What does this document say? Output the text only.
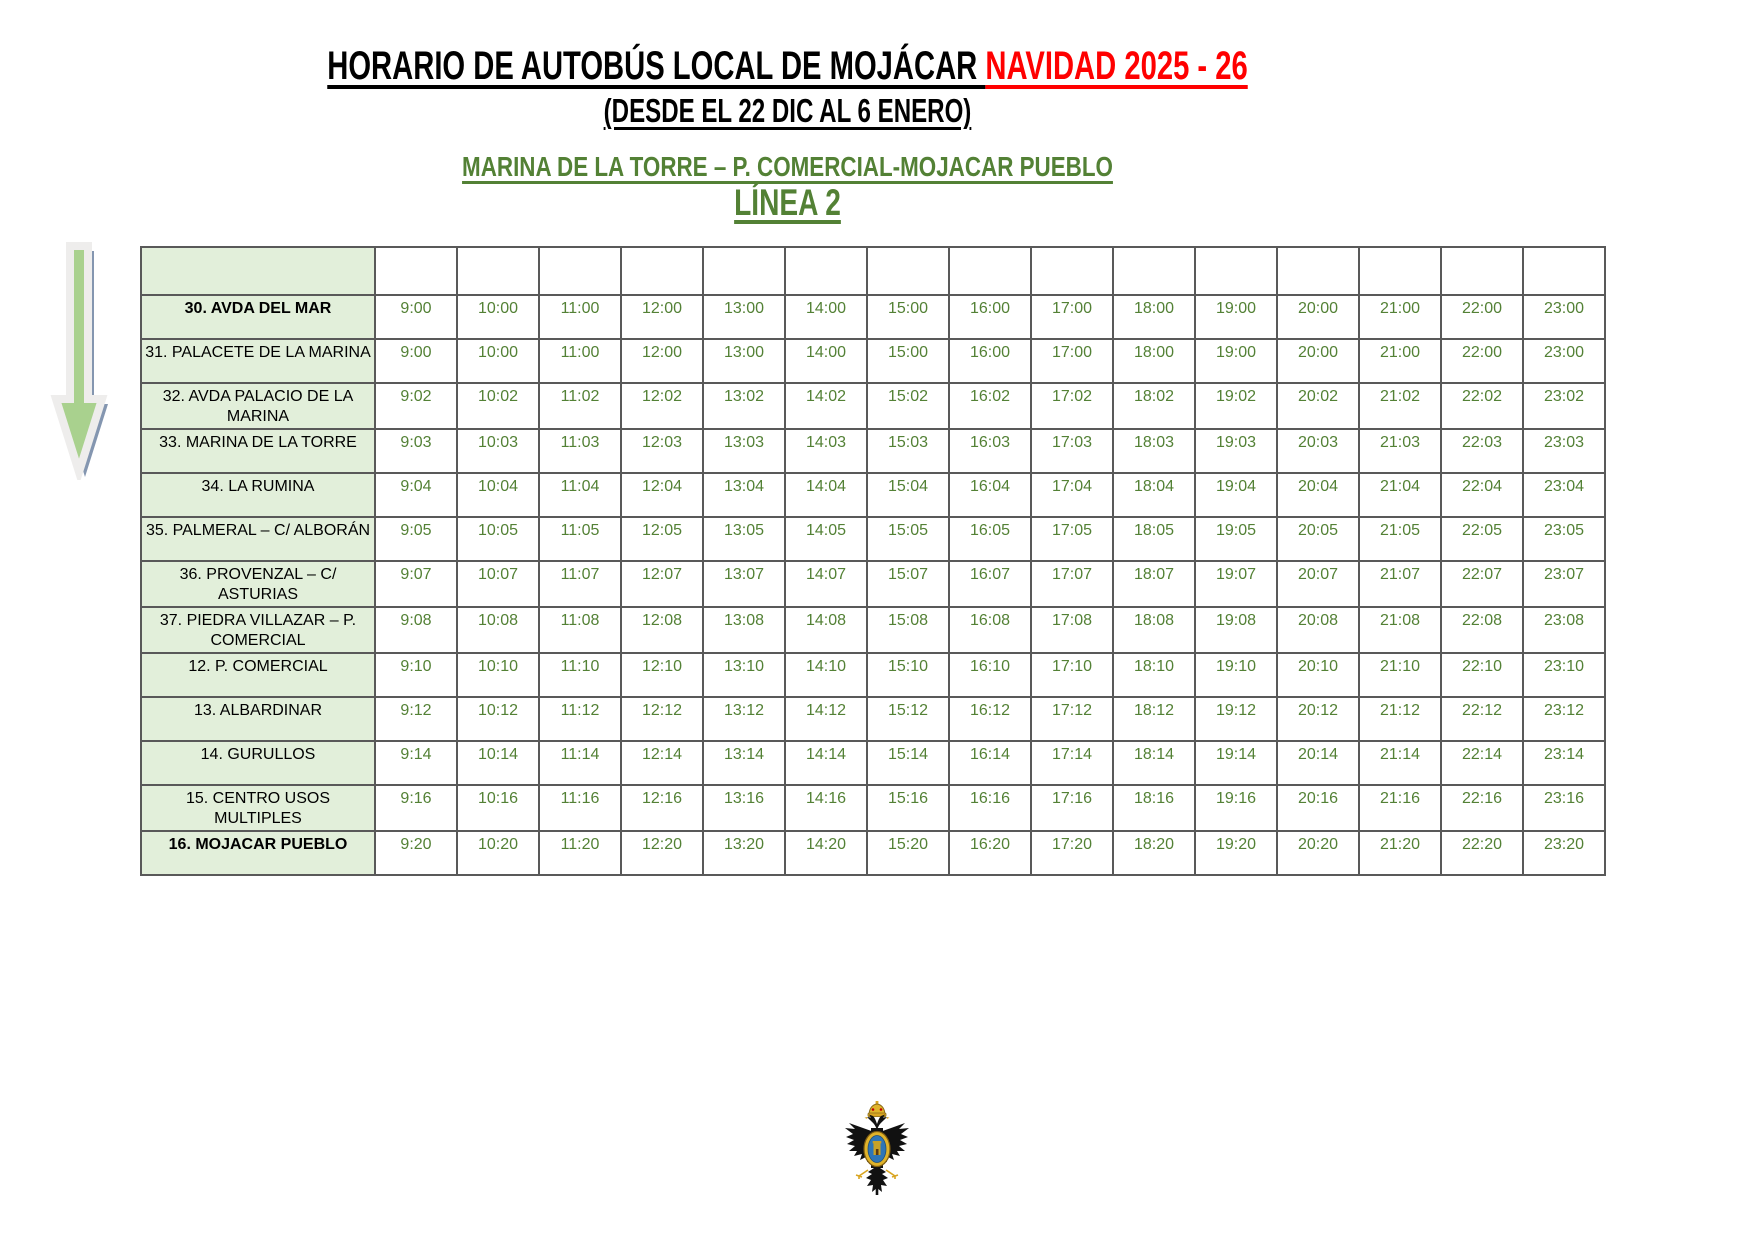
HORARIO DE AUTOBÚS LOCAL DE MOJÁCAR NAVIDAD 2025 - 26
(DESDE EL 22 DIC AL 6 ENERO)
MARINA DE LA TORRE – P. COMERCIAL-MOJACAR PUEBLO
LÍNEA 2

30. AVDA DEL MAR	9:00	10:00	11:00	12:00	13:00	14:00	15:00	16:00	17:00	18:00	19:00	20:00	21:00	22:00	23:00
31. PALACETE DE LA MARINA	9:00	10:00	11:00	12:00	13:00	14:00	15:00	16:00	17:00	18:00	19:00	20:00	21:00	22:00	23:00
32. AVDA PALACIO DE LA MARINA	9:02	10:02	11:02	12:02	13:02	14:02	15:02	16:02	17:02	18:02	19:02	20:02	21:02	22:02	23:02
33. MARINA DE LA TORRE	9:03	10:03	11:03	12:03	13:03	14:03	15:03	16:03	17:03	18:03	19:03	20:03	21:03	22:03	23:03
34. LA RUMINA	9:04	10:04	11:04	12:04	13:04	14:04	15:04	16:04	17:04	18:04	19:04	20:04	21:04	22:04	23:04
35. PALMERAL – C/ ALBORÁN	9:05	10:05	11:05	12:05	13:05	14:05	15:05	16:05	17:05	18:05	19:05	20:05	21:05	22:05	23:05
36. PROVENZAL – C/ ASTURIAS	9:07	10:07	11:07	12:07	13:07	14:07	15:07	16:07	17:07	18:07	19:07	20:07	21:07	22:07	23:07
37. PIEDRA VILLAZAR – P. COMERCIAL	9:08	10:08	11:08	12:08	13:08	14:08	15:08	16:08	17:08	18:08	19:08	20:08	21:08	22:08	23:08
12. P. COMERCIAL	9:10	10:10	11:10	12:10	13:10	14:10	15:10	16:10	17:10	18:10	19:10	20:10	21:10	22:10	23:10
13. ALBARDINAR	9:12	10:12	11:12	12:12	13:12	14:12	15:12	16:12	17:12	18:12	19:12	20:12	21:12	22:12	23:12
14. GURULLOS	9:14	10:14	11:14	12:14	13:14	14:14	15:14	16:14	17:14	18:14	19:14	20:14	21:14	22:14	23:14
15. CENTRO USOS MULTIPLES	9:16	10:16	11:16	12:16	13:16	14:16	15:16	16:16	17:16	18:16	19:16	20:16	21:16	22:16	23:16
16. MOJACAR PUEBLO	9:20	10:20	11:20	12:20	13:20	14:20	15:20	16:20	17:20	18:20	19:20	20:20	21:20	22:20	23:20
